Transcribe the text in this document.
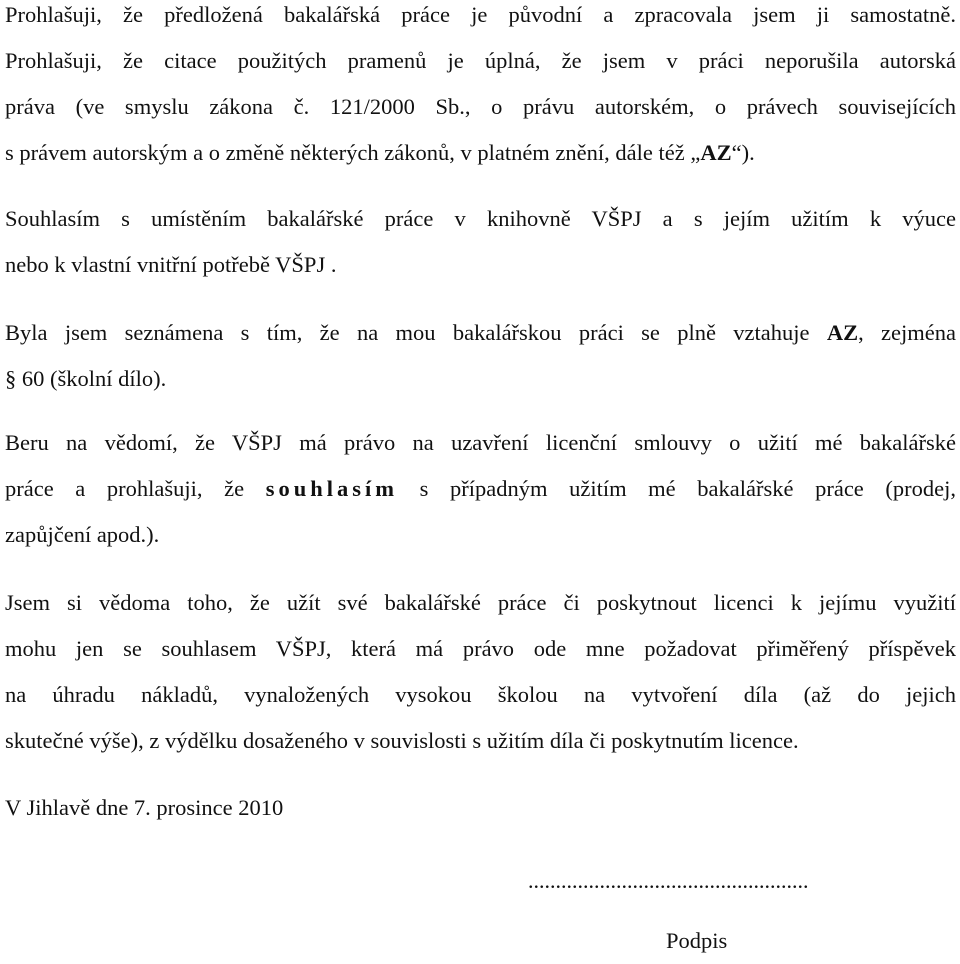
Prohlašuji, že předložená bakalářská práce je původní a zpracovala jsem ji samostatně.
Prohlašuji, že citace použitých pramenů je úplná, že jsem v práci neporušila autorská
práva (ve smyslu zákona č. 121/2000 Sb., o právu autorském, o právech souvisejících
s právem autorským a o změně některých zákonů, v platném znění, dále též „AZ“).

Souhlasím s umístěním bakalářské práce v knihovně VŠPJ a s jejím užitím k výuce
nebo k vlastní vnitřní potřebě VŠPJ .

Byla jsem seznámena s tím, že na mou bakalářskou práci se plně vztahuje AZ, zejména
§ 60 (školní dílo).

Beru na vědomí, že VŠPJ má právo na uzavření licenční smlouvy o užití mé bakalářské
práce a prohlašuji, že souhlasím s případným užitím mé bakalářské práce (prodej,
zapůjčení apod.).

Jsem si vědoma toho, že užít své bakalářské práce či poskytnout licenci k jejímu využití
mohu jen se souhlasem VŠPJ, která má právo ode mne požadovat přiměřený příspěvek
na úhradu nákladů, vynaložených vysokou školou na vytvoření díla (až do jejich
skutečné výše), z výdělku dosaženého v souvislosti s užitím díla či poskytnutím licence.

V Jihlavě dne 7. prosince 2010

...................................................

Podpis
